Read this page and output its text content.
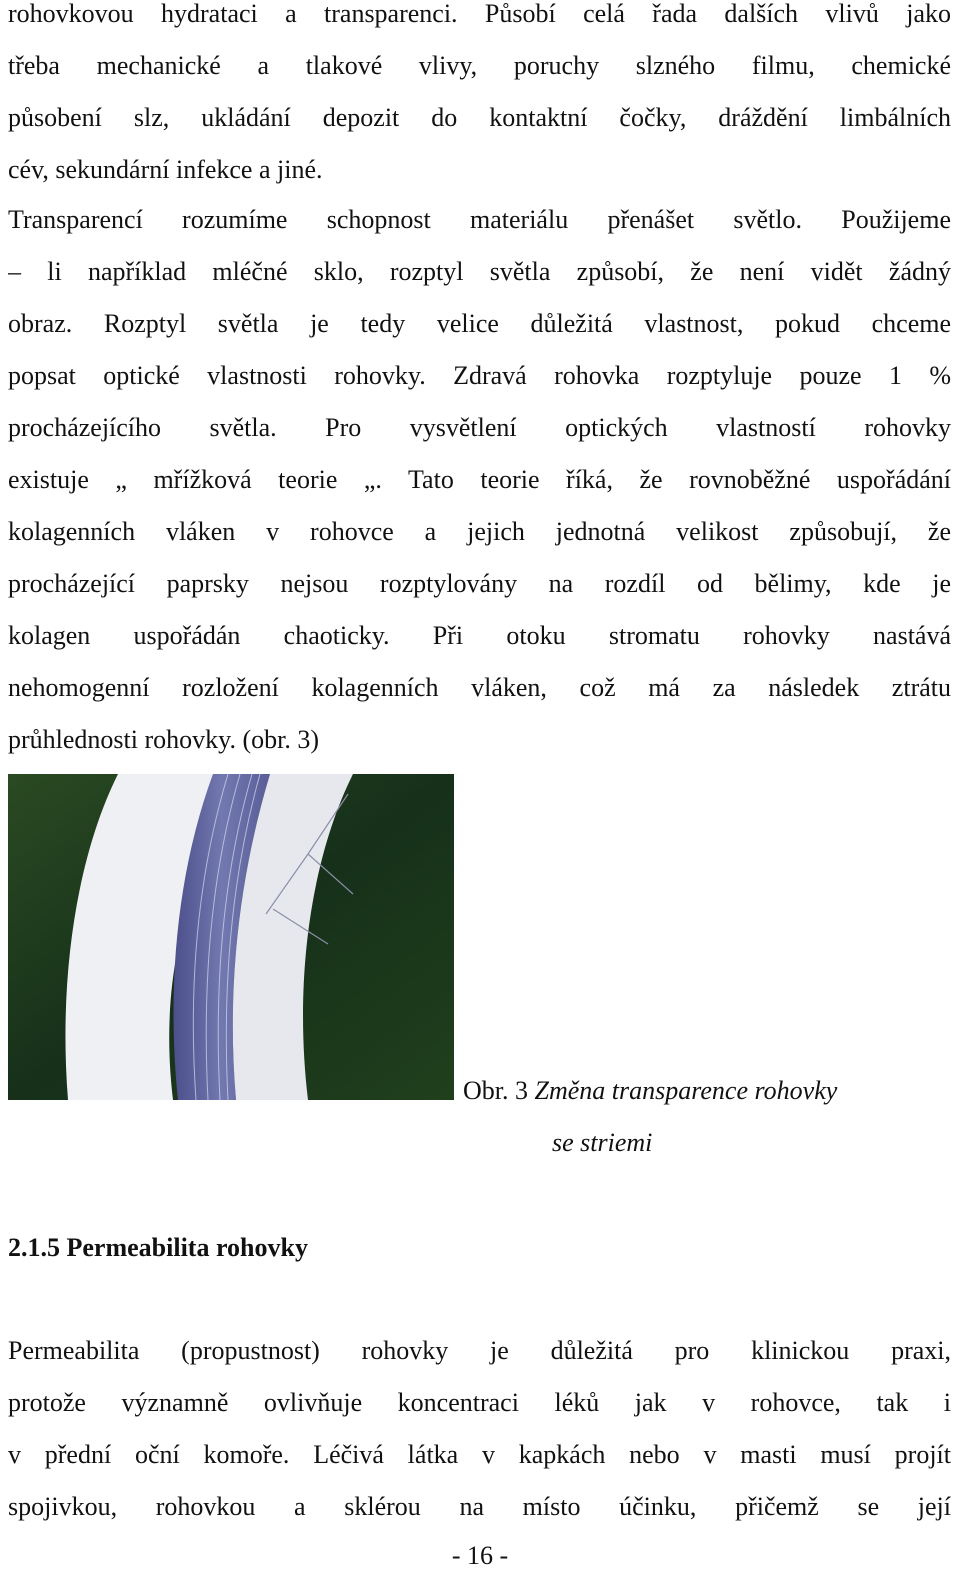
rohovkovou hydrataci a transparenci. Působí celá řada dalších vlivů jako
třeba mechanické a tlakové vlivy, poruchy slzného filmu, chemické
působení slz, ukládání depozit do kontaktní čočky, dráždění limbálních
cév, sekundární infekce a jiné.
Transparencí rozumíme schopnost materiálu přenášet světlo. Použijeme
– li například mléčné sklo, rozptyl světla způsobí, že není vidět žádný
obraz. Rozptyl světla je tedy velice důležitá vlastnost, pokud chceme
popsat optické vlastnosti rohovky. Zdravá rohovka rozptyluje pouze 1 %
procházejícího světla. Pro vysvětlení optických vlastností rohovky
existuje „ mřížková teorie „. Tato teorie říká, že rovnoběžné uspořádání
kolagenních vláken v rohovce a jejich jednotná velikost způsobují, že
procházející paprsky nejsou rozptylovány na rozdíl od bělimy, kde je
kolagen uspořádán chaoticky. Při otoku stromatu rohovky nastává
nehomogenní rozložení kolagenních vláken, což má za následek ztrátu
průhlednosti rohovky. (obr. 3)
Obr. 3 Změna transparence rohovky
se striemi
2.1.5 Permeabilita rohovky
Permeabilita (propustnost) rohovky je důležitá pro klinickou praxi,
protože významně ovlivňuje koncentraci léků jak v rohovce, tak i
v přední oční komoře. Léčivá látka v kapkách nebo v masti musí projít
spojivkou, rohovkou a sklérou na místo účinku, přičemž se její
- 16 -
